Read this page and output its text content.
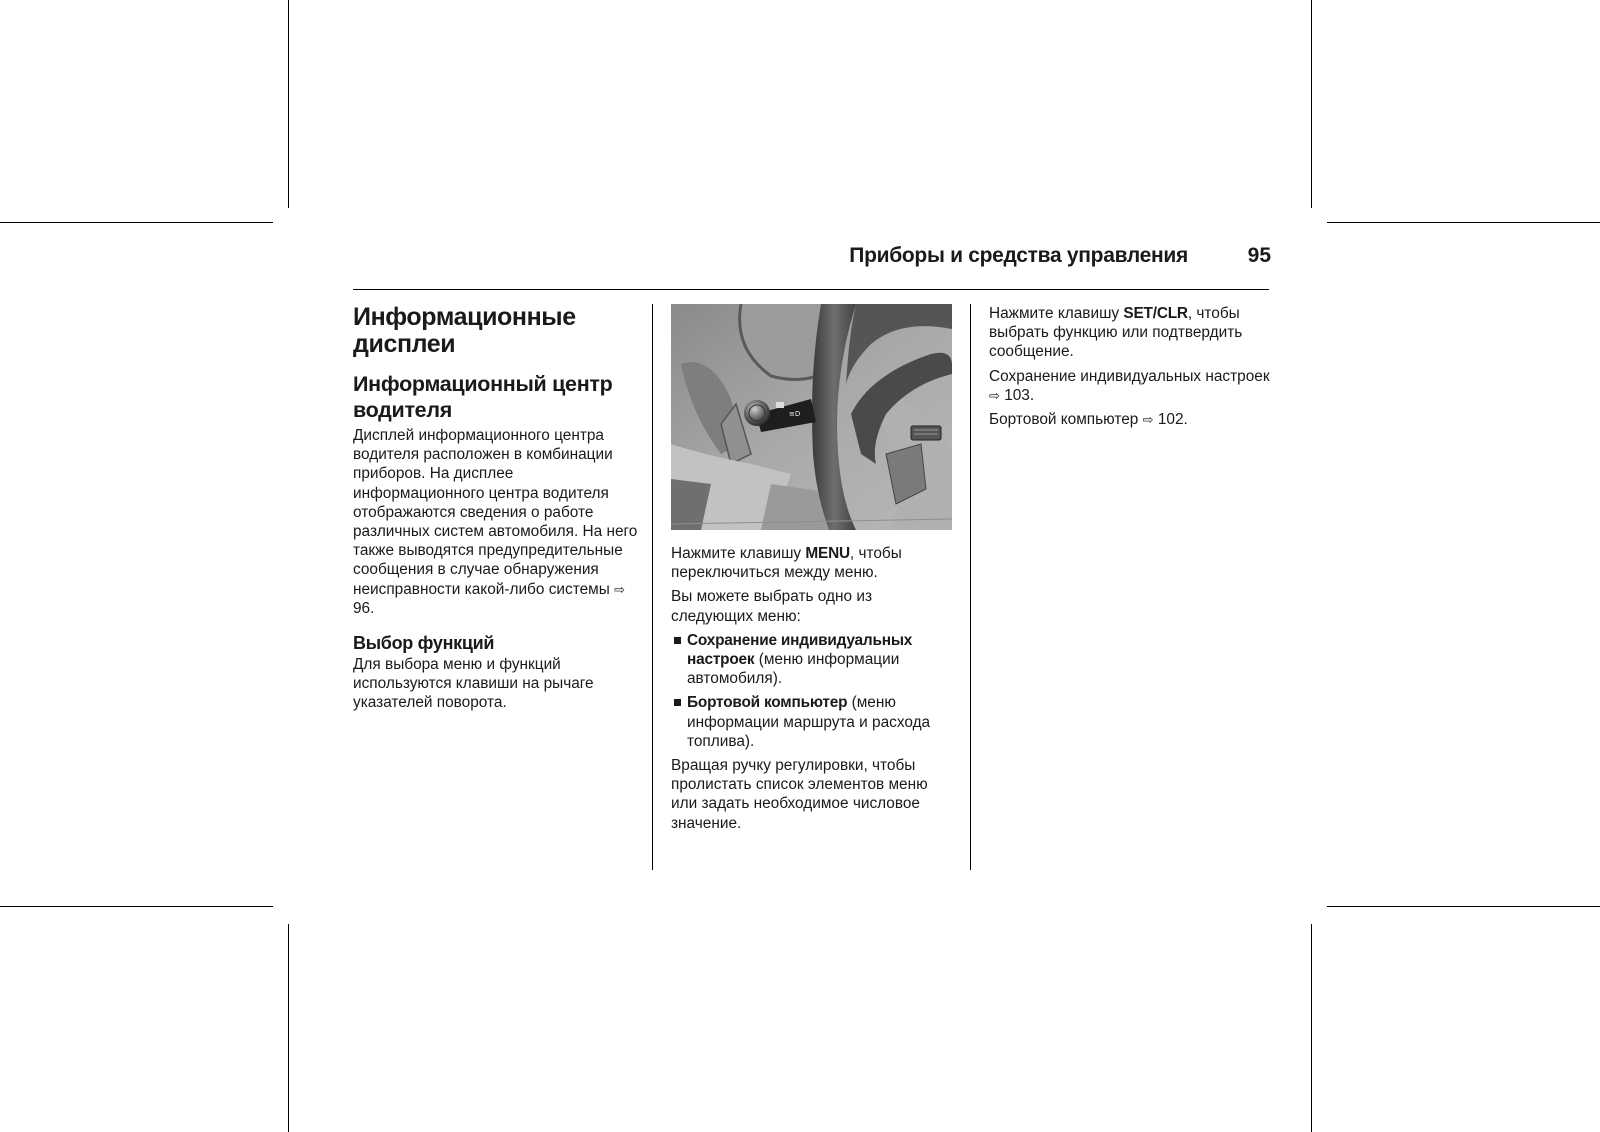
Приборы и средства управления	95
Информационные дисплеи
Информационный центр водителя

Дисплей информационного центра водителя расположен в комбинации приборов. На дисплее информационного центра водителя отображаются сведения о работе различных систем автомобиля. На него также выводятся предупредительные сообщения в случае обнаружения неисправности какой-либо системы ⇨ 96.

Выбор функций

Для выбора меню и функций используются клавиши на рычаге указателей поворота.

≡D

Нажмите клавишу MENU, чтобы переключиться между меню.

Вы можете выбрать одно из следующих меню:

Сохранение индивидуальных настроек (меню информации автомобиля).
Бортовой компьютер (меню информации маршрута и расхода топлива).

Вращая ручку регулировки, чтобы пролистать список элементов меню или задать необходимое числовое значение.

Нажмите клавишу SET/CLR, чтобы выбрать функцию или подтвердить сообщение.

Сохранение индивидуальных настроек ⇨ 103.

Бортовой компьютер ⇨ 102.
